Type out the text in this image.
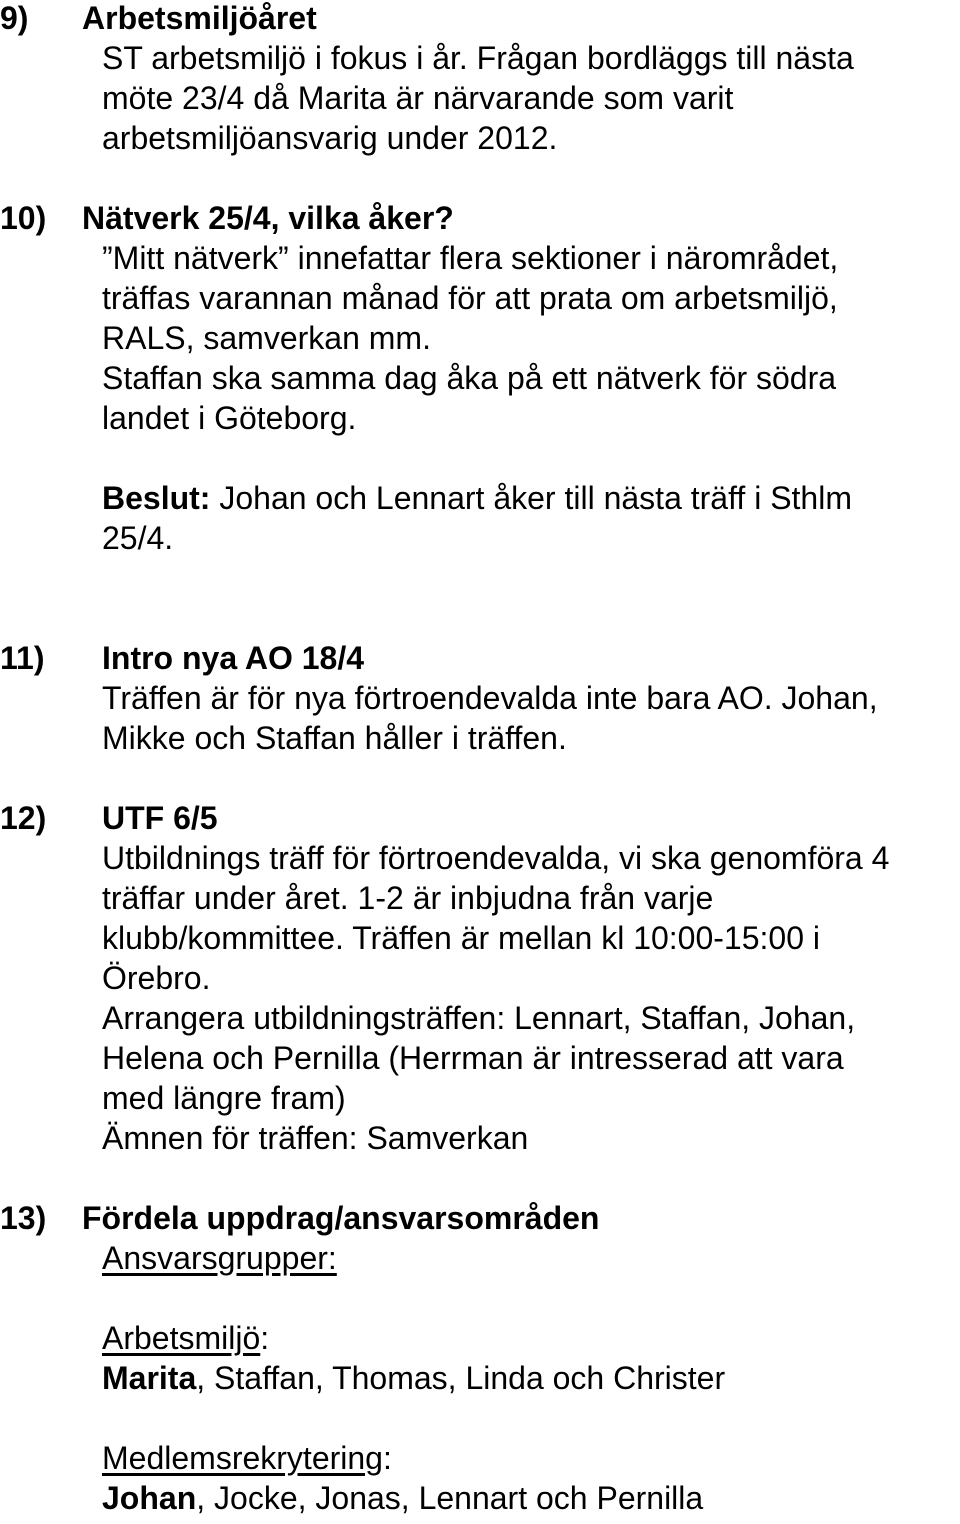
9) Arbetsmiljöåret
ST arbetsmiljö i fokus i år. Frågan bordläggs till nästa
möte 23/4 då Marita är närvarande som varit
arbetsmiljöansvarig under 2012.
10) Nätverk 25/4, vilka åker?
”Mitt nätverk” innefattar flera sektioner i närområdet,
träffas varannan månad för att prata om arbetsmiljö,
RALS, samverkan mm.
Staffan ska samma dag åka på ett nätverk för södra
landet i Göteborg.
Beslut: Johan och Lennart åker till nästa träff i Sthlm
25/4.
11) Intro nya AO 18/4
Träffen är för nya förtroendevalda inte bara AO. Johan,
Mikke och Staffan håller i träffen.
12) UTF 6/5
Utbildnings träff för förtroendevalda, vi ska genomföra 4
träffar under året. 1-2 är inbjudna från varje
klubb/kommittee. Träffen är mellan kl 10:00-15:00 i
Örebro.
Arrangera utbildningsträffen: Lennart, Staffan, Johan,
Helena och Pernilla (Herrman är intresserad att vara
med längre fram)
Ämnen för träffen: Samverkan
13) Fördela uppdrag/ansvarsområden
Ansvarsgrupper:
Arbetsmiljö:
Marita, Staffan, Thomas, Linda och Christer
Medlemsrekrytering:
Johan, Jocke, Jonas, Lennart och Pernilla
